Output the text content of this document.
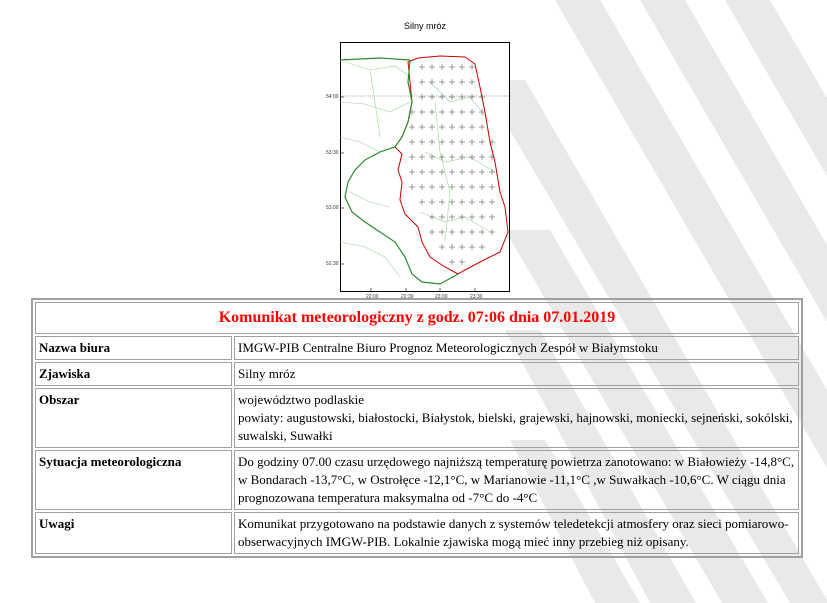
Silny mróz
54:00
53:30
53:00
52:30
22:00	22:30	23:00	23:30
Komunikat meteorologiczny z godz. 07:06 dnia 07.01.2019	
Nazwa biura	IMGW-PIB Centralne Biuro Prognoz Meteorologicznych Zespół w Białymstoku

Zjawiska	Silny mróz

Obszar	województwo podlaskie
powiaty: augustowski, białostocki, Białystok, bielski, grajewski, hajnowski, moniecki, sejneński, sokólski, suwalski, Suwałki

Sytuacja meteorologiczna	Do godziny 07.00 czasu urzędowego najniższą temperaturę powietrza zanotowano: w Białowieży -14,8°C, w Bondarach -13,7°C, w Ostrołęce -12,1°C, w Marianowie -11,1°C ,w Suwałkach -10,6°C. W ciągu dnia prognozowana temperatura maksymalna od -7°C do -4°C

Uwagi	Komunikat przygotowano na podstawie danych z systemów teledetekcji atmosfery oraz sieci pomiarowo-obserwacyjnych IMGW-PIB. Lokalnie zjawiska mogą mieć inny przebieg niż opisany.
